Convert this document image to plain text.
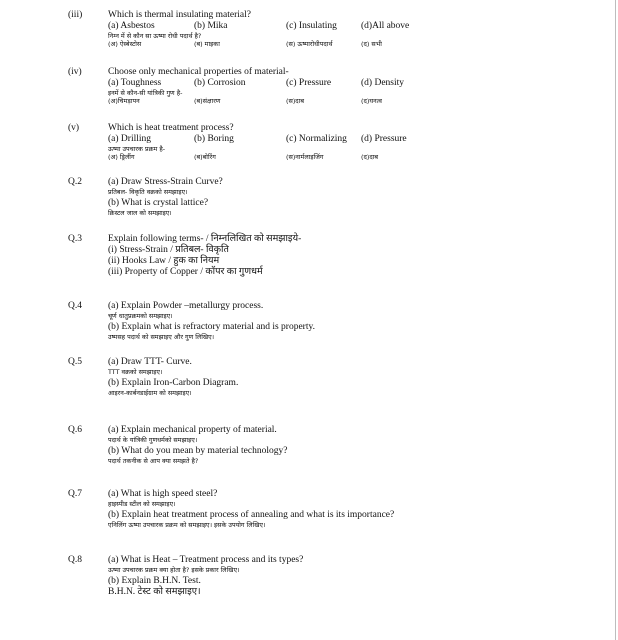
(iii)	Which is thermal insulating material?
(a) Asbestos	(b) Mika	(c) Insulating	(d)All above
निम्न में से कौन सा ऊष्मा रोधी पदार्थ है?
(अ) ऐस्बेस्टोस	(ब) माइका	(स) ऊष्मारोधीपदार्थ	(द) सभी
(iv)	Choose only mechanical properties of material-
(a) Toughness	(b) Corrosion	(c) Pressure	(d) Density
इनमें से कौन-सी यांत्रिकी गुण है-
(अ)चिमड़ापन	(ब)संक्षारण	(स)दाब	(द)घनत्व
(v)	Which is heat treatment process?
(a) Drilling	(b) Boring	(c) Normalizing (d) Pressure
ऊष्मा उपचारक प्रक्रम है-
(अ) ड्रिलींग	(ब)बोरिंग	(स)नार्मलाइजिंग	(द)दाब
Q.2	(a) Draw Stress-Strain Curve?
प्रतिबल- विकृति वक्रको समझाइए।
(b) What is crystal lattice?
क्रिस्टल जाल को समझाइए।
Q.3	Explain following terms- / निम्नलिखित को समझाइये-
(i) Stress-Strain / प्रतिबल- विकृति
(ii) Hooks Law / हुक का नियम
(iii) Property of Copper / कॉपर का गुणधर्म
Q.4	(a) Explain Powder –metallurgy process.
चूर्ण धातुप्रक्रमको समझाइए।
(b) Explain what is refractory material and is property.
उष्मसह पदार्थ को समझाइए और गुण लिखिए।
Q.5	(a) Draw TTT- Curve.
TTT वक्रको समझाइए।
(b) Explain Iron-Carbon Diagram.
आइरन-कार्बनडाईग्राम को समझाइए।
Q.6	(a) Explain mechanical property of material.
पदार्थ के यांत्रिकी गुणधर्मको समझाइए।
(b) What do you mean by material technology?
पदार्थ तकनीक से आप क्या समझते है?
Q.7	(a) What is high speed steel?
हाइस्पीड स्टील को समझाइए।
(b) Explain heat treatment process of annealing and what is its importance?
एनिलिंग ऊष्मा उपचारक प्रक्रम को समझाइए। इसके उपयोग लिखिए।
Q.8	(a) What is Heat – Treatment process and its types?
ऊष्मा उपचारक प्रक्रम क्या होता है? इसके प्रकार लिखिए।
(b) Explain B.H.N. Test.
B.H.N. टेस्ट को समझाइए।
